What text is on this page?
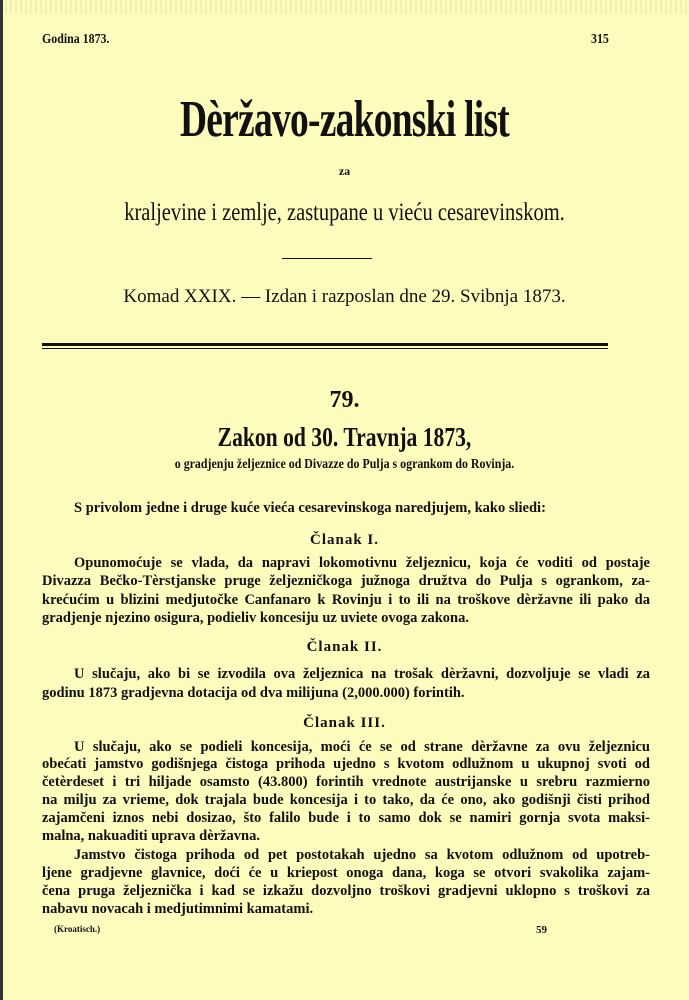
Godina 1873.	315
Dèržavo-zakonski list
za
kraljevine i zemlje, zastupane u vieću cesarevinskom.
Komad XXIX. — Izdan i razposlan dne 29. Svibnja 1873.
79.
Zakon od 30. Travnja 1873,
o gradjenju željeznice od Divazze do Pulja s ogrankom do Rovinja.
S privolom jedne i druge kuće vieća cesarevinskoga naredjujem, kako sliedi:
Članak I.
Opunomoćuje se vlada, da napravi lokomotivnu željeznicu, koja će voditi od postaje
Divazza Bečko-Tèrstjanske pruge željezničkoga južnoga družtva do Pulja s ogrankom, za-
krećućim u blizini medjutočke Canfanaro k Rovinju i to ili na troškove dèržavne ili pako da
gradjenje njezino osigura, podieliv koncesiju uz uviete ovoga zakona.
Članak II.
U slučaju, ako bi se izvodila ova željeznica na trošak dèržavni, dozvoljuje se vladi za
godinu 1873 gradjevna dotacija od dva milijuna (2,000.000) forintih.
Članak III.
U slučaju, ako se podieli koncesija, moći će se od strane dèržavne za ovu željeznicu
obećati jamstvo godišnjega čistoga prihoda ujedno s kvotom odlužnom u ukupnoj svoti od
četèrdeset i tri hiljade osamsto (43.800) forintih vrednote austrijanske u srebru razmierno
na milju za vrieme, dok trajala bude koncesija i to tako, da će ono, ako godišnji čisti prihod
zajamčeni iznos nebi dosizao, što falilo bude i to samo dok se namiri gornja svota maksi-
malna, nakuaditi uprava dèržavna.
Jamstvo čistoga prihoda od pet postotakah ujedno sa kvotom odlužnom od upotreb-
ljene gradjevne glavnice, doći će u kriepost onoga dana, koga se otvori svakolika zajam-
čena pruga željeznička i kad se izkažu dozvoljno troškovi gradjevni uklopno s troškovi za
nabavu novacah i medjutimnimi kamatami.
(Kroatisch.)	59
